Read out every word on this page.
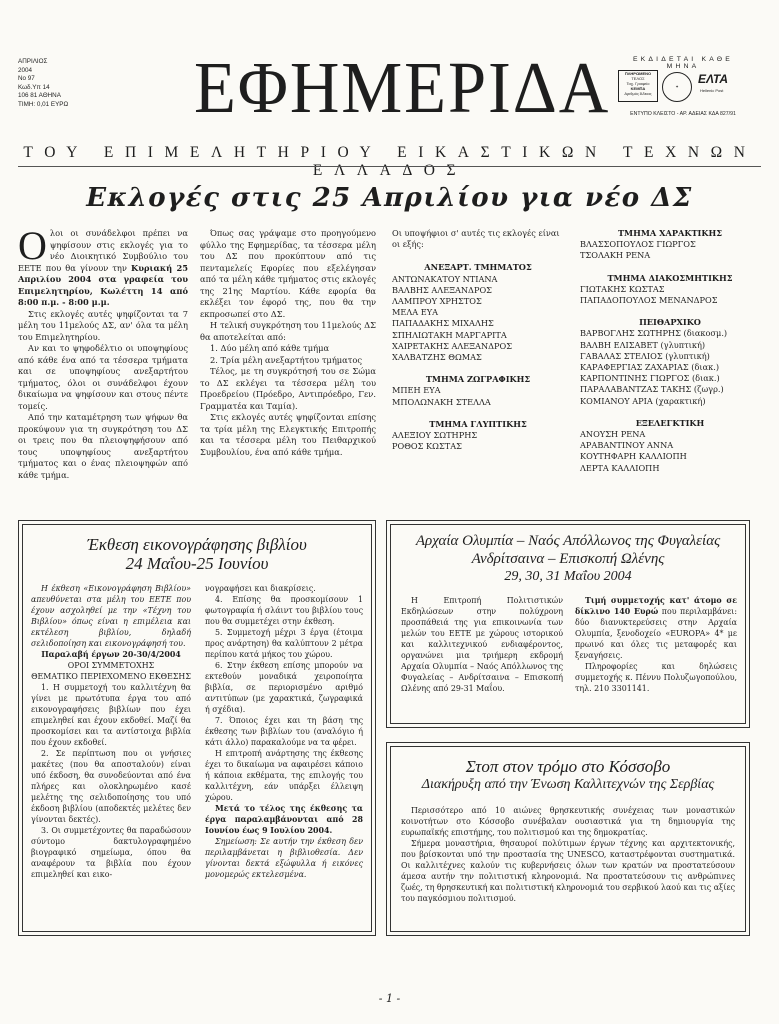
ΑΠΡΙΛΙΟΣ
2004
Νο 97
Κωδ.Υπ 14
106 81 ΑΘΗΝΑ
ΤΙΜΗ: 0,01 ΕΥΡΩ ΕΦΗΜΕΡΙΔΑ	ΕΚΔΙΔΕΤΑΙ ΚΑΘΕ ΜΗΝΑ
ΠΛΗΡΩΜΕΝΟ
ΤΕΛΟΣ
Ταχ. Γραφείο
ΚΕΜΠΑ
Αριθμός Άδειας
✦
ΕΛΤΑ
Hellenic Post
ΕΝΤΥΠΟ ΚΛΕΙΣΤΟ - ΑΡ. ΑΔΕΙΑΣ ΚΔΑ 827/91
ΤΟΥ ΕΠΙΜΕΛΗΤΗΡΙΟΥ ΕΙΚΑΣΤΙΚΩΝ ΤΕΧΝΩΝ ΕΛΛΑΔΟΣ
Εκλογές στις 25 Απριλίου για νέο ΔΣ

Ολοι οι συνάδελφοι πρέπει να ψηφίσουν στις εκλογές για το νέο Διοικητικό Συμβούλιο του ΕΕΤΕ που θα γίνουν την Κυριακή 25 Απριλίου 2004 στα γραφεία του Επιμελητηρίου, Κωλέττη 14 από 8:00 π.μ. - 8:00 μ.μ.

Στις εκλογές αυτές ψηφίζονται τα 7 μέλη του 11μελούς ΔΣ, αν' όλα τα μέλη του Επιμελητηρίου.

Αν και το ψηφοδέλτιο οι υποψηφίους από κάθε ένα από τα τέσσερα τμήματα και σε υποψηφίους ανεξαρτήτου τμήματος, όλοι οι συνάδελφοι έχουν δικαίωμα να ψηφίσουν και στους πέντε τομείς.

Από την καταμέτρηση των ψήφων θα προκύψουν για τη συγκρότηση του ΔΣ οι τρεις που θα πλειοψηφήσουν από τους υποψηφίους ανεξαρτήτου τμήματος και ο ένας πλειοψηφών από κάθε τμήμα.

Όπως σας γράψαμε στο προηγούμενο φύλλο της Εφημερίδας, τα τέσσερα μέλη του ΔΣ που προκύπτουν από τις πενταμελείς Εφορίες που εξελέγησαν από τα μέλη κάθε τμήματος στις εκλογές της 21ης Μαρτίου. Κάθε εφορία θα εκλέξει τον έφορό της, που θα την εκπροσωπεί στο ΔΣ.

Η τελική συγκρότηση του 11μελούς ΔΣ θα αποτελείται από:

1. Δύο μέλη από κάθε τμήμα

2. Τρία μέλη ανεξαρτήτου τμήματος

Τέλος, με τη συγκρότησή του σε Σώμα το ΔΣ εκλέγει τα τέσσερα μέλη του Προεδρείου (Πρόεδρο, Αντιπρόεδρο, Γεν. Γραμματέα και Ταμία).

Στις εκλογές αυτές ψηφίζονται επίσης τα τρία μέλη της Ελεγκτικής Επιτροπής και τα τέσσερα μέλη του Πειθαρχικού Συμβουλίου, ένα από κάθε τμήμα.

Οι υποψήφιοι σ' αυτές τις εκλογές είναι οι εξής:
ΑΝΕΞΑΡΤ. ΤΜΗΜΑΤΟΣ
ΑΝΤΩΝΑΚΑΤΟΥ ΝΤΙΑΝΑ
ΒΑΛΒΗΣ ΑΛΕΞΑΝΔΡΟΣ
ΛΑΜΠΡΟΥ ΧΡΗΣΤΟΣ
ΜΕΛΑ ΕΥΑ
ΠΑΠΑΔΑΚΗΣ ΜΙΧΑΛΗΣ
ΣΠΗΛΙΩΤΑΚΗ ΜΑΡΓΑΡΙΤΑ
ΧΑΙΡΕΤΑΚΗΣ ΑΛΕΞΑΝΔΡΟΣ
ΧΑΛΒΑΤΖΗΣ ΘΩΜΑΣ
ΤΜΗΜΑ ΖΩΓΡΑΦΙΚΗΣ
ΜΠΕΗ ΕΥΑ
ΜΠΟΛΩΝΑΚΗ ΣΤΕΛΛΑ
ΤΜΗΜΑ ΓΛΥΠΤΙΚΗΣ
ΑΛΕΞΙΟΥ ΣΩΤΗΡΗΣ
ΡΟΘΟΣ ΚΩΣΤΑΣ
ΤΜΗΜΑ ΧΑΡΑΚΤΙΚΗΣ
ΒΛΑΣΣΟΠΟΥΛΟΣ ΓΙΩΡΓΟΣ
ΤΣΟΛΑΚΗ ΡΕΝΑ
ΤΜΗΜΑ ΔΙΑΚΟΣΜΗΤΙΚΗΣ
ΓΙΩΤΑΚΗΣ ΚΩΣΤΑΣ
ΠΑΠΑΔΟΠΟΥΛΟΣ ΜΕΝΑΝΔΡΟΣ
ΠΕΙΘΑΡΧΙΚΟ
ΒΑΡΒΟΓΛΗΣ ΣΩΤΗΡΗΣ (διακοσμ.)
ΒΑΛΒΗ ΕΛΙΣΑΒΕΤ (γλυπτική)
ΓΑΒΑΛΑΣ ΣΤΕΛΙΟΣ (γλυπτική)
ΚΑΡΑΦΕΡΓΙΑΣ ΖΑΧΑΡΙΑΣ (διακ.)
ΚΑΡΠΟΝΤΙΝΗΣ ΓΙΩΡΓΟΣ (διακ.)
ΠΑΡΑΛΑΒΑΝΤΖΑΣ ΤΑΚΗΣ (ζωγρ.)
ΚΟΜΙΑΝΟΥ ΑΡΙΑ (χαρακτική)
ΕΞΕΛΕΓΚΤΙΚΗ
ΑΝΟΥΣΗ ΡΕΝΑ
ΑΡΑΒΑΝΤΙΝΟΥ ΑΝΝΑ
ΚΟΥΤΗΦΑΡΗ ΚΑΛΛΙΟΠΗ
ΛΕΡΤΑ ΚΑΛΛΙΟΠΗ
Έκθεση εικονογράφησης βιβλίου
24 Μαΐου-25 Ιουνίου

Η έκθεση «Εικονογράφηση Βιβλίου» απευθύνεται στα μέλη του ΕΕΤΕ που έχουν ασχοληθεί με την «Τέχνη του Βιβλίου» όπως είναι η επιμέλεια και εκτέλεση βιβλίου, δηλαδή σελιδοποίηση και εικονογράφησή του.

Παραλαβή έργων 20-30/4/2004
ΟΡΟΙ ΣΥΜΜΕΤΟΧΗΣ
ΘΕΜΑΤΙΚΟ ΠΕΡΙΕΧΟΜΕΝΟ ΕΚΘΕΣΗΣ

1. Η συμμετοχή του καλλιτέχνη θα γίνει με πρωτότυπα έργα του από εικονογραφήσεις βιβλίων που έχει επιμεληθεί και έχουν εκδοθεί. Μαζί θα προσκομίσει και τα αντίστοιχα βιβλία που έχουν εκδοθεί.

2. Σε περίπτωση που οι γνήσιες μακέτες (που θα αποσταλούν) είναι υπό έκδοση, θα συνοδεύονται από ένα πλήρες και ολοκληρωμένο κασέ μελέτης της σελιδοποίησης του υπό έκδοση βιβλίου (αποδεκτές μελέτες δεν γίνονται δεκτές).

3. Οι συμμετέχοντες θα παραδώσουν σύντομο δακτυλογραφημένο βιογραφικό σημείωμα, όπου θα αναφέρουν τα βιβλία που έχουν επιμεληθεί και εικο-

νογραφήσει και διακρίσεις.

4. Επίσης θα προσκομίσουν 1 φωτογραφία ή σλάιντ του βιβλίου τους που θα συμμετέχει στην έκθεση.

5. Συμμετοχή μέχρι 3 έργα (έτοιμα προς ανάρτηση) θα καλύπτουν 2 μέτρα περίπου κατά μήκος του χώρου.

6. Στην έκθεση επίσης μπορούν να εκτεθούν μοναδικά χειροποίητα βιβλία, σε περιορισμένο αριθμό αντιτύπων (με χαρακτικά, ζωγραφικά ή σχέδια).

7. Όποιος έχει και τη βάση της έκθεσης των βιβλίων του (αναλόγιο ή κάτι άλλο) παρακαλούμε να τα φέρει.

Η επιτροπή ανάρτησης της έκθεσης έχει το δικαίωμα να αφαιρέσει κάποιο ή κάποια εκθέματα, της επιλογής του καλλιτέχνη, εάν υπάρξει έλλειψη χώρου.

Μετά το τέλος της έκθεσης τα έργα παραλαμβάνονται από 28 Ιουνίου έως 9 Ιουλίου 2004.

Σημείωση: Σε αυτήν την έκθεση δεν περιλαμβάνεται η βιβλιοθεσία. Δεν γίνονται δεκτά εξώφυλλα ή εικόνες μονομερώς εκτελεσμένα.

Αρχαία Ολυμπία – Ναός Απόλλωνος της Φυγαλείας
Ανδρίτσαινα – Επισκοπή Ωλένης
29, 30, 31 Μαΐου 2004

Η Επιτροπή Πολιτιστικών Εκδηλώσεων στην πολύχρονη προσπάθειά της για επικοινωνία των μελών του ΕΕΤΕ με χώρους ιστορικού και καλλιτεχνικού ενδιαφέροντος, οργανώνει μια τριήμερη εκδρομή Αρχαία Ολυμπία – Ναός Απόλλωνος της Φυγαλείας – Ανδρίτσαινα – Επισκοπή Ωλένης από 29-31 Μαΐου.

Τιμή συμμετοχής κατ' άτομο σε δίκλινο 140 Ευρώ που περιλαμβάνει: δύο διανυκτερεύσεις στην Αρχαία Ολυμπία, ξενοδοχείο «EUROPA» 4* με πρωινό και όλες τις μεταφορές και ξεναγήσεις.

Πληροφορίες και δηλώσεις συμμετοχής κ. Πέννυ Πολυζωγοπούλου, τηλ. 210 3301141.

Στοπ στον τρόμο στο Κόσσοβο
Διακήρυξη από την Ένωση Καλλιτεχνών της Σερβίας

Περισσότερο από 10 αιώνες θρησκευτικής συνέχειας των μοναστικών κοινοτήτων στο Κόσσοβο συνέβαλαν ουσιαστικά για τη δημιουργία της ευρωπαϊκής επιστήμης, του πολιτισμού και της δημοκρατίας.

Σήμερα μοναστήρια, θησαυροί πολύτιμων έργων τέχνης και αρχιτεκτονικής, που βρίσκονται υπό την προστασία της UNESCO, καταστρέφονται συστηματικά. Οι καλλιτέχνες καλούν τις κυβερνήσεις όλων των κρατών να προστατεύσουν άμεσα αυτήν την πολιτιστική κληρονομιά. Να προστατεύσουν τις ανθρώπινες ζωές, τη θρησκευτική και πολιτιστική κληρονομιά του σερβικού λαού και τις αξίες του παγκόσμιου πολιτισμού.

- 1 -
